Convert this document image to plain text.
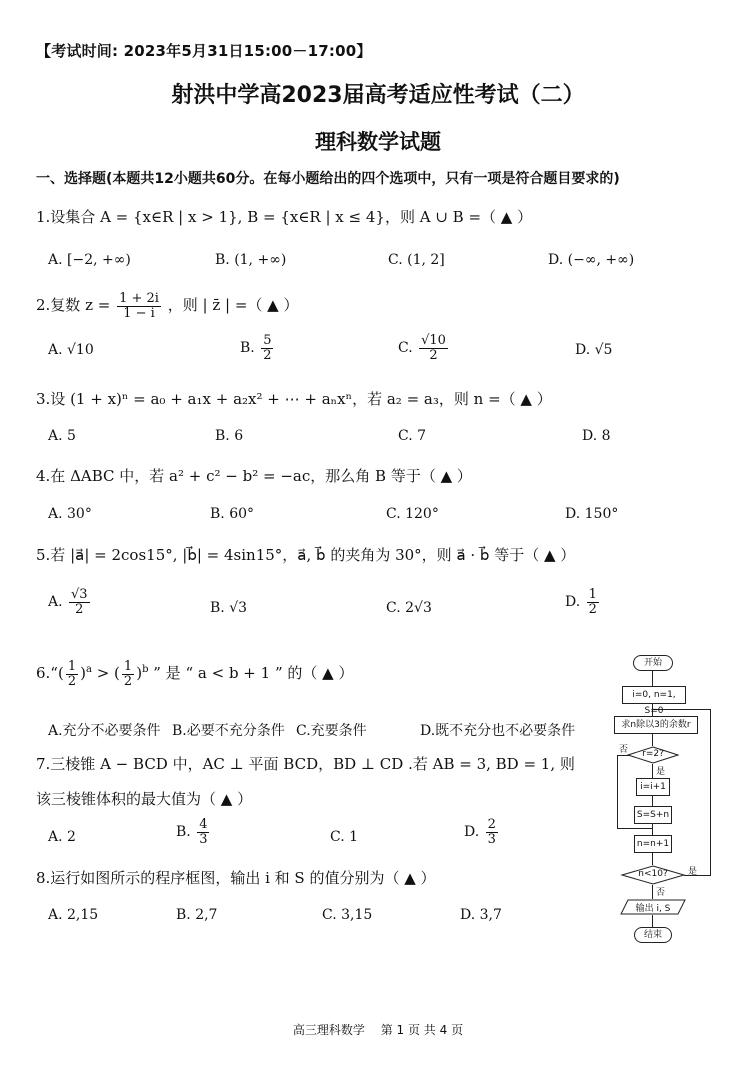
【考试时间: 2023年5月31日15:00－17:00】
射洪中学高2023届高考适应性考试（二）
理科数学试题
一、选择题(本题共12小题共60分。在每小题给出的四个选项中，只有一项是符合题目要求的)
1.设集合 A = {x∈R | x > 1}, B = {x∈R | x ≤ 4}，则 A ∪ B =（ ▲ ）
A. [−2, +∞)	B. (1, +∞)	C. (1, 2]	D. (−∞, +∞)
2.复数 $z = \frac{1 + 2i}{1 - i}$ ，则 | z̄ | =（ ▲ ）
A. √10	B. $\frac{5}{2}$	C. $\frac{√10}{2}$	D. √5
3.设 (1 + x)ⁿ = a₀ + a₁x + a₂x² + ⋯ + aₙxⁿ，若 a₂ = a₃，则 n =（ ▲ ）
A. 5	B. 6	C. 7	D. 8
4.在 ΔABC 中，若 a² + c² − b² = −ac，那么角 B 等于（ ▲ ）
A. 30°	B. 60°	C. 120°	D. 150°
5.若 |a⃗| = 2cos15°, |b⃗| = 4sin15°，a⃗, b⃗ 的夹角为 30°，则 a⃗ · b⃗ 等于（ ▲ ）
A. $\frac{√3}{2}$	B. √3	C. 2√3	D. $\frac{1}{2}$
6.“( $\frac{1}{2} )^a$ > ( $\frac{1}{2} )^b$ ” 是 “ a < b + 1 ” 的（ ▲ ）
A.充分不必要条件 B.必要不充分条件 C.充要条件	D.既不充分也不必要条件
7.三棱锥 A − BCD 中，AC ⊥ 平面 BCD，BD ⊥ CD .若 AB = 3, BD = 1, 则
该三棱锥体积的最大值为（ ▲ ）
A. 2	B. $\frac{4}{3}$	C. 1	D. $\frac{2}{3}$
8.运行如图所示的程序框图，输出 i 和 S 的值分别为（ ▲ ）
A. 2,15	B. 2,7	C. 3,15	D. 3,7
开始
i=0, n=1, S=0
求n除以3的余数r
r=2?
是
否
i=i+1
S=S+n
n=n+1
n<10?	是
否
输出 i, S
结束
高三理科数学　 第 1 页 共 4 页
